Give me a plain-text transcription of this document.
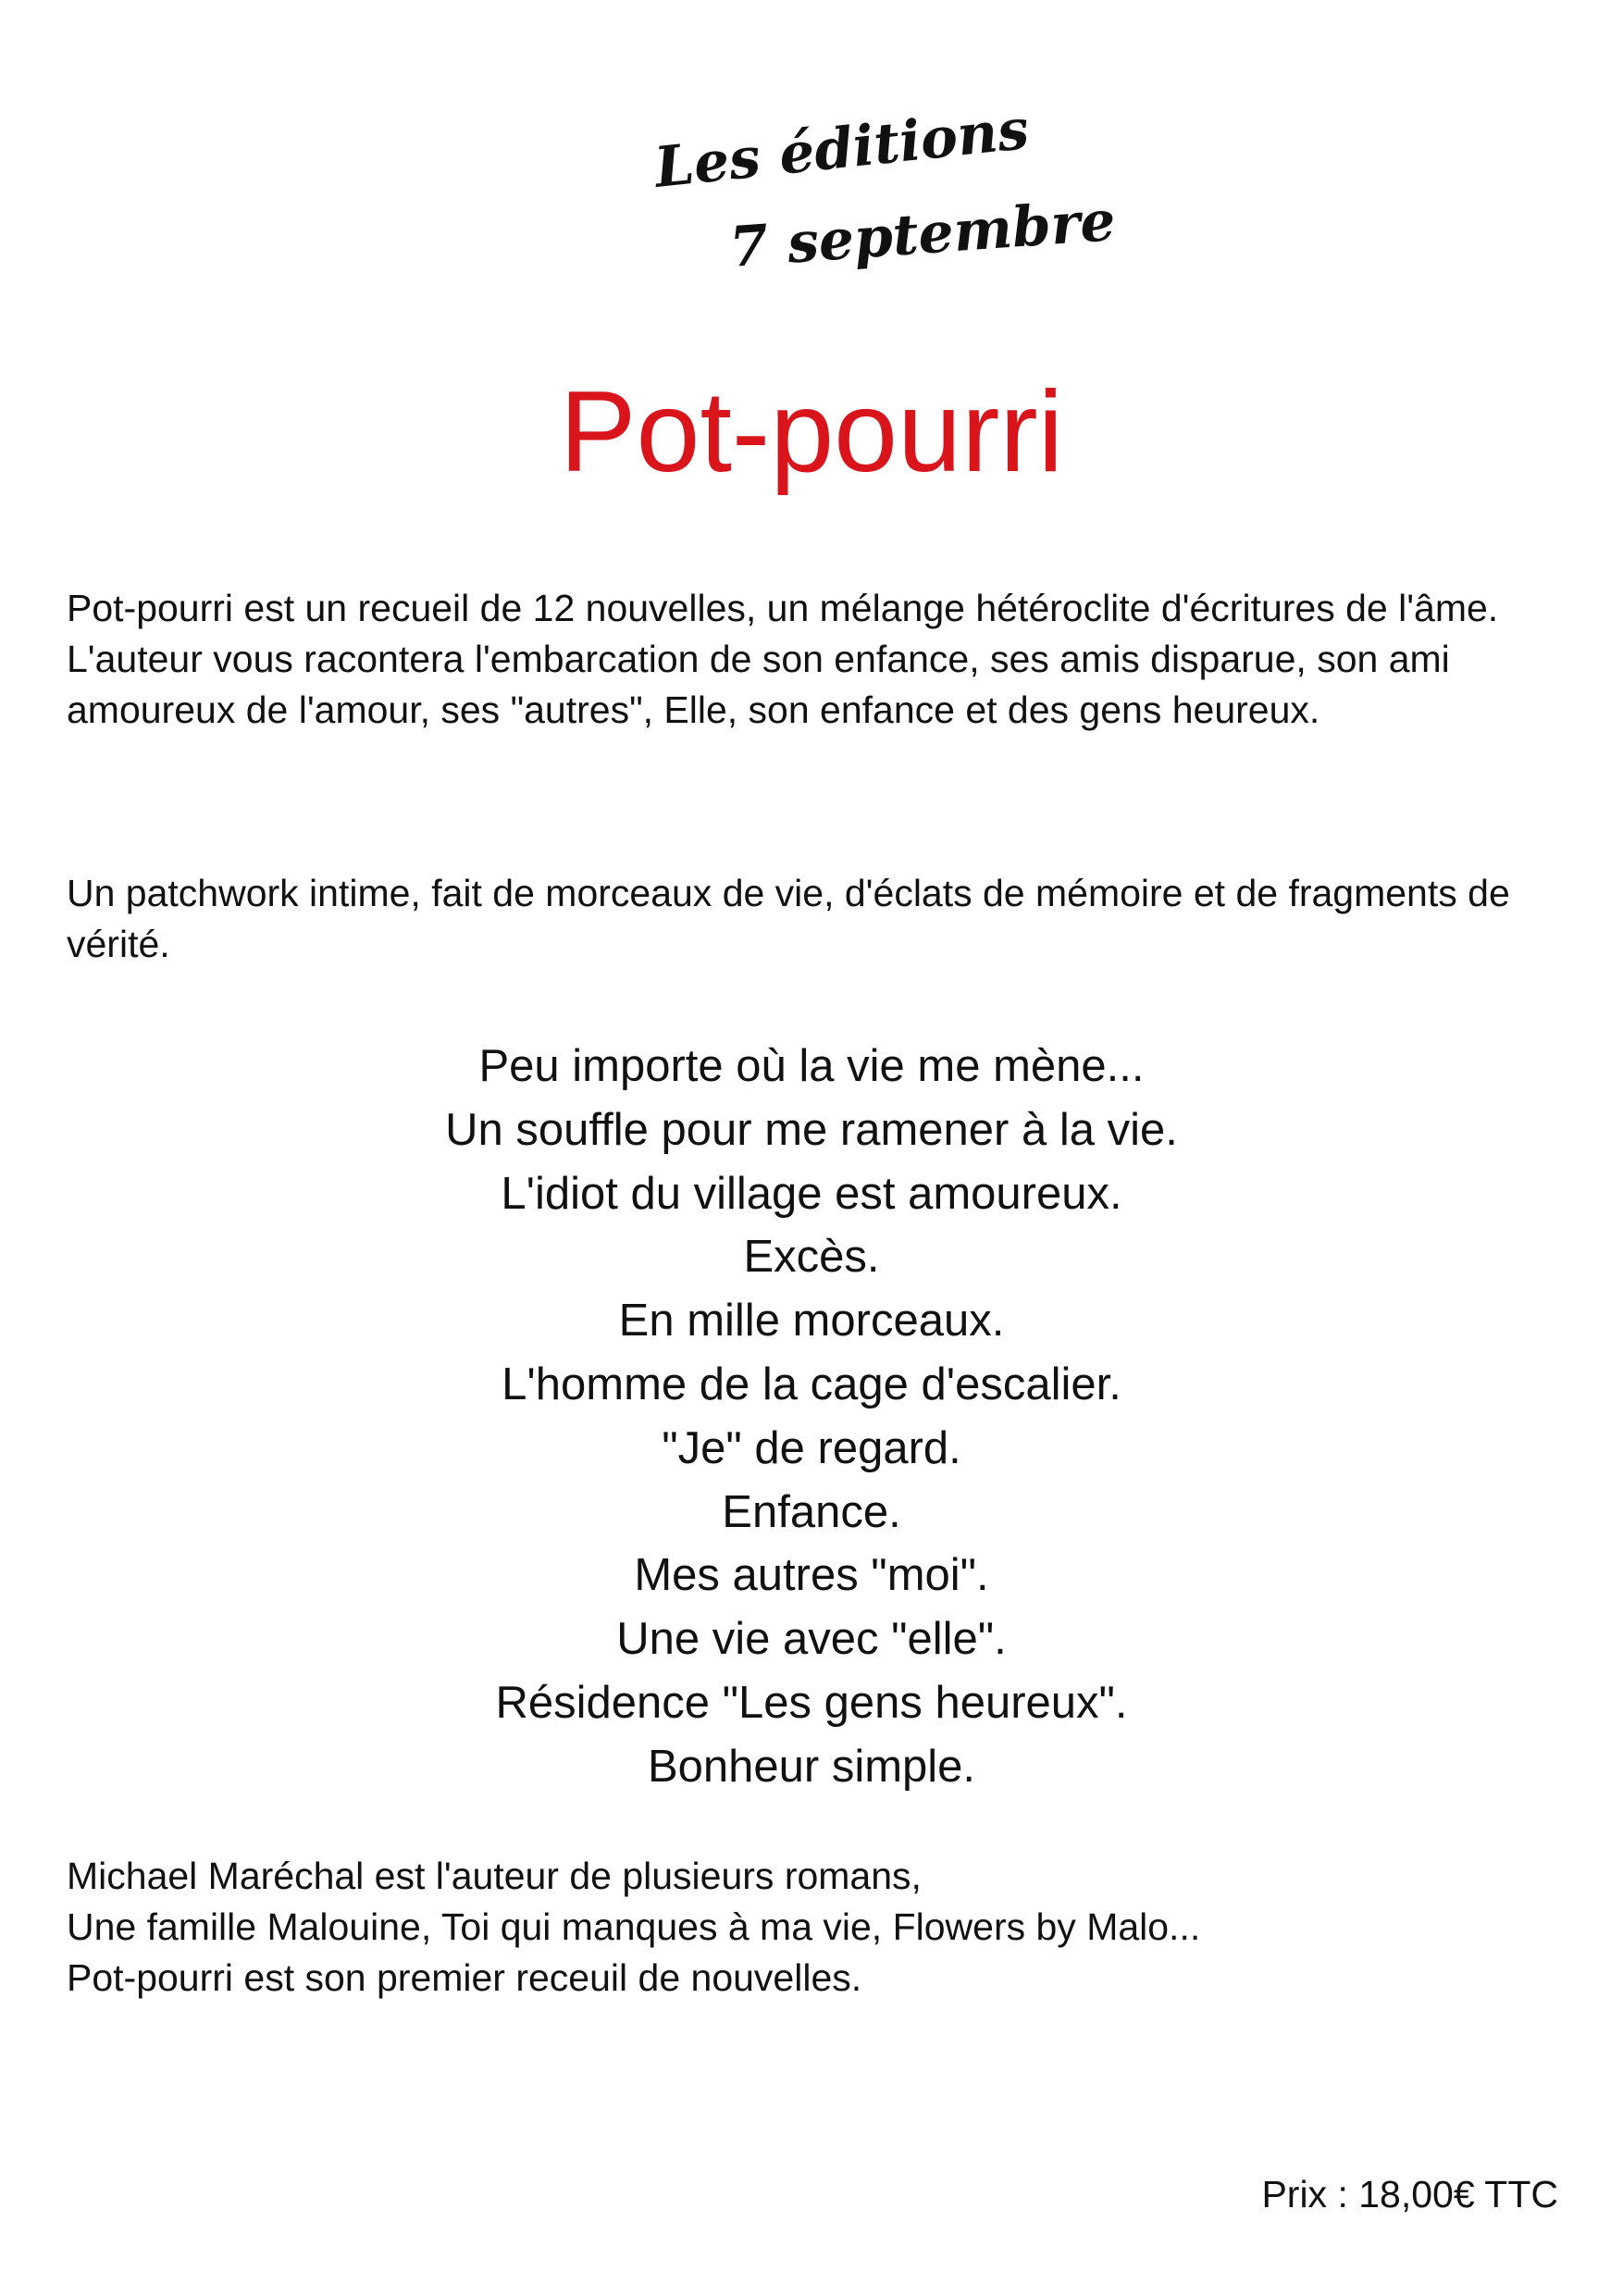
Les éditions
7 septembre
Pot-pourri

Pot-pourri est un recueil de 12 nouvelles, un mélange hétéroclite d'écritures de l'âme. L'auteur vous racontera l'embarcation de son enfance, ses amis disparue, son ami amoureux de l'amour, ses "autres", Elle, son enfance et des gens heureux.

Un patchwork intime, fait de morceaux de vie, d'éclats de mémoire et de fragments de vérité.

Peu importe où la vie me mène...
Un souffle pour me ramener à la vie.
L'idiot du village est amoureux.
Excès.
En mille morceaux.
L'homme de la cage d'escalier.
"Je" de regard.
Enfance.
Mes autres "moi".
Une vie avec "elle".
Résidence "Les gens heureux".
Bonheur simple.
Michael Maréchal est l'auteur de plusieurs romans,
Une famille Malouine, Toi qui manques à ma vie, Flowers by Malo...
Pot-pourri est son premier receuil de nouvelles.

Prix : 18,00€ TTC
